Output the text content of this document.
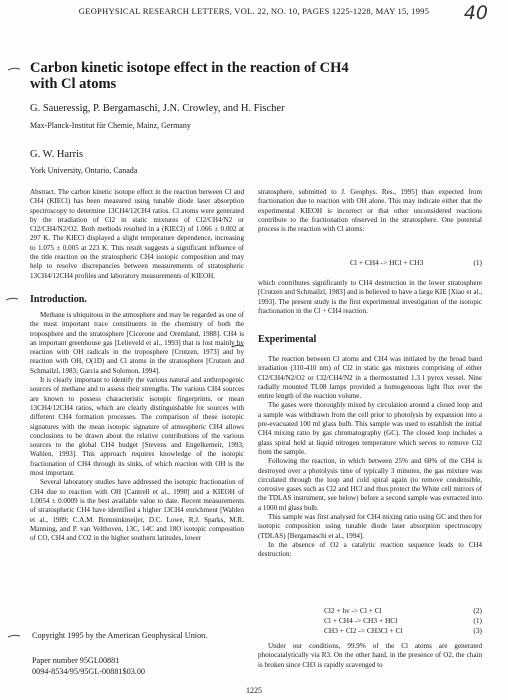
GEOPHYSICAL RESEARCH LETTERS, VOL. 22, NO. 10, PAGES 1225-1228, MAY 15, 1995	40
Carbon kinetic isotope effect in the reaction of CH4 with Cl atoms
G. Saueressig, P. Bergamaschi, J.N. Crowley, and H. Fischer
Max-Planck-Institut für Chemie, Mainz, Germany
G. W. Harris
York University, Ontario, Canada

Abstract. The carbon kinetic isotope effect in the reaction between Cl and CH4 (KIECl) has been measured using tunable diode laser absorption spectroscopy to determine 13CH4/12CH4 ratios. Cl atoms were generated by the irradiation of Cl2 in static mixtures of Cl2/CH4/N2 or Cl2/CH4/N2/O2. Both methods resulted in a (KIECl) of 1.066 ± 0.002 at 297 K. The KIECl displayed a slight temperature dependence, increasing to 1.075 ± 0.005 at 223 K. This result suggests a significant influence of the title reaction on the stratospheric CH4 isotopic composition and may help to resolve discrepancies between measurements of stratospheric 13CH4/12CH4 profiles and laboratory measurements of KIEOH.

Introduction.

Methane is ubiquitous in the atmosphere and may be regarded as one of the most important trace constituents in the chemistry of both the troposphere and the stratosphere [Cicerone and Oremland, 1988]. CH4 is an important greenhouse gas [Lelieveld et al., 1993] that is lost mainly by reaction with OH radicals in the troposphere [Crutzen, 1973] and by reaction with OH, O(1D) and Cl atoms in the stratosphere [Crutzen and Schmailzl, 1983; Garcia and Solomon, 1994].

It is clearly important to identify the various natural and anthropogenic sources of methane and to assess their strengths. The various CH4 sources are known to possess characteristic isotopic fingerprints, or mean 13CH4/12CH4 ratios, which are clearly distinguishable for sources with different CH4 formation processes. The comparison of these isotopic signatures with the mean isotopic signature of atmospheric CH4 allows conclusions to be drawn about the relative contributions of the various sources to the global CH4 budget [Stevens and Engelkemeir, 1993; Wahlen, 1993]. This approach requires knowledge of the isotopic fractionation of CH4 through its sinks, of which reaction with OH is the most important.

Several laboratory studies have addressed the isotopic fractionation of CH4 due to reaction with OH [Cantrell et al., 1990] and a KIEOH of 1.0054 ± 0.0009 is the best available value to date. Recent measurements of stratospheric CH4 have identified a higher 13CH4 enrichment [Wahlen et al., 1989; C.A.M. Brenninkmeijer, D.C. Lowe, R.J. Sparks, M.R. Manning, and P. van Velthoven, 13C, 14C and 18O isotopic composition of CO, CH4 and CO2 in the higher southern latitudes, lower

stratosphere, submitted to J. Geophys. Res., 1995] than expected from fractionation due to reaction with OH alone. This may indicate either that the experimental KIEOH is incorrect or that other unconsidered reactions contribute to the fractionation observed in the stratosphere. One potential process is the reaction with Cl atoms:

Cl + CH4 -> HCl + CH3	(1)

which contributes significantly to CH4 destruction in the lower stratosphere [Crutzen and Schmailzl, 1983] and is believed to have a large KIE [Xiao et al., 1993]. The present study is the first experimental investigation of the isotopic fractionation in the Cl + CH4 reaction.

Experimental

The reaction between Cl atoms and CH4 was initiated by the broad band irradiation (310-410 nm) of Cl2 in static gas mixtures comprising of either Cl2/CH4/N2/O2 or Cl2/CH4/N2 in a thermostatted 1.3 l pyrex vessel. Nine radially mounted TL08 lamps provided a homogeneous light flux over the entire length of the reaction volume.

The gases were thoroughly mixed by circulation around a closed loop and a sample was withdrawn from the cell prior to photolysis by expansion into a pre-evacuated 100 ml glass bulb. This sample was used to establish the initial CH4 mixing ratio by gas chromatography (GC). The closed loop includes a glass spiral held at liquid nitrogen temperature which serves to remove Cl2 from the sample.

Following the reaction, in which between 25% and 60% of the CH4 is destroyed over a photolysis time of typically 3 minutes, the gas mixture was circulated through the loop and cold spiral again (to remove condensible, corrosive gases such as Cl2 and HCl and thus protect the White cell mirrors of the TDLAS instrument, see below) before a second sample was extracted into a 1000 ml glass bulb.

This sample was first analysed for CH4 mixing ratio using GC and then for isotopic composition using tunable diode laser absorption spectroscopy (TDLAS) [Bergamaschi et al., 1994].

In the absence of O2 a catalytic reaction sequence leads to CH4 destruction:

Cl2 + hν -> Cl + Cl
Cl + CH4 -> CH3 + HCl
CH3 + Cl2 -> CH3Cl + Cl
(2)
(1)
(3)

Under our conditions, 99.9% of the Cl atoms are generated photocatalytically via R3. On the other hand, in the presence of O2, the chain is broken since CH3 is rapidly scavenged to

Copyright 1995 by the American Geophysical Union.
Paper number 95GL00881
0094-8534/95/95GL-00881$03.00
1225
